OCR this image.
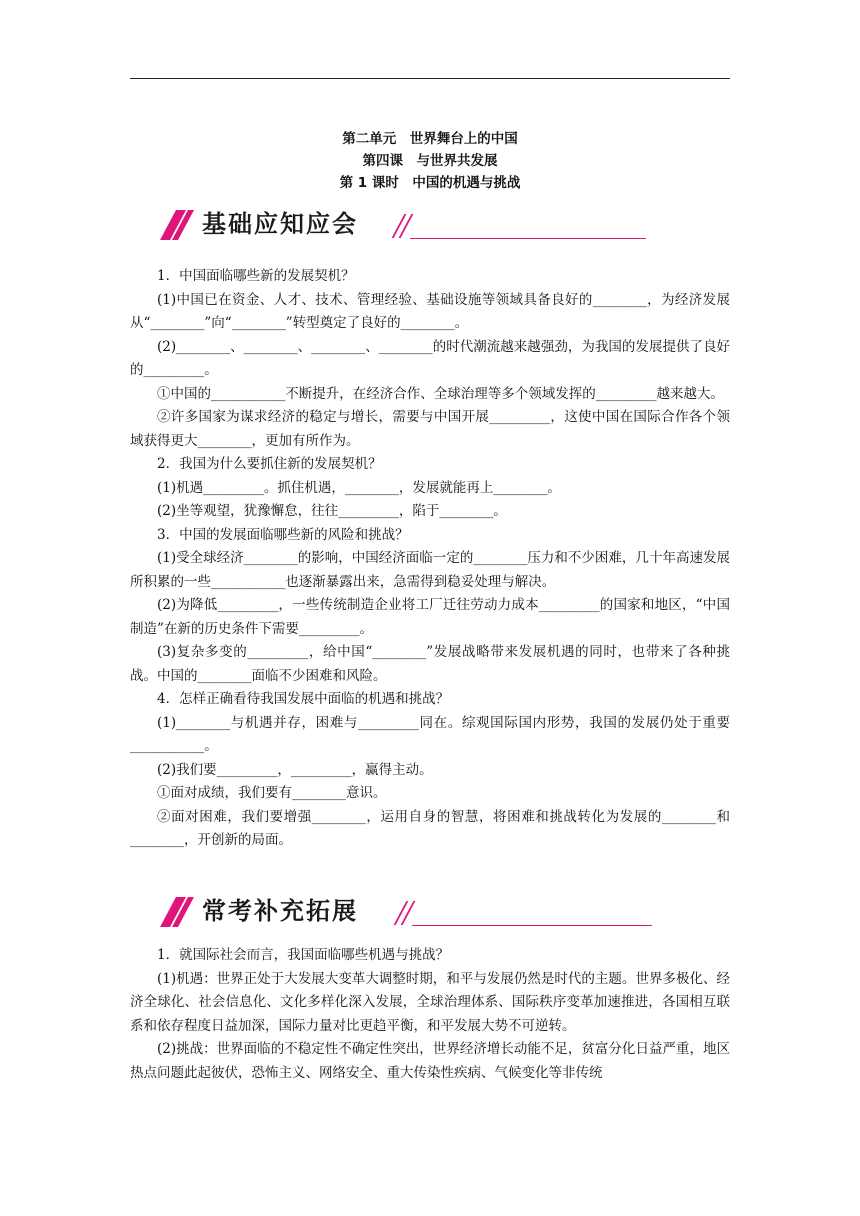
第二单元　世界舞台上的中国
第四课　与世界共发展
第 1 课时　中国的机遇与挑战
基础应知应会

1．中国面临哪些新的发展契机？

(1)中国已在资金、人才、技术、管理经验、基础设施等领域具备良好的________，为经济发展从“________”向“________”转型奠定了良好的________。

(2)________、________、________、________的时代潮流越来越强劲，为我国的发展提供了良好的_________。

①中国的___________不断提升，在经济合作、全球治理等多个领域发挥的_________越来越大。

②许多国家为谋求经济的稳定与增长，需要与中国开展_________，这使中国在国际合作各个领域获得更大________，更加有所作为。

2．我国为什么要抓住新的发展契机？

(1)机遇_________。抓住机遇，________，发展就能再上________。

(2)坐等观望，犹豫懈怠，往往_________，陷于________。

3．中国的发展面临哪些新的风险和挑战？

(1)受全球经济________的影响，中国经济面临一定的________压力和不少困难，几十年高速发展所积累的一些___________也逐渐暴露出来，急需得到稳妥处理与解决。

(2)为降低_________，一些传统制造企业将工厂迁往劳动力成本_________的国家和地区，“中国制造”在新的历史条件下需要_________。

(3)复杂多变的_________，给中国“________”发展战略带来发展机遇的同时，也带来了各种挑战。中国的________面临不少困难和风险。

4．怎样正确看待我国发展中面临的机遇和挑战？

(1)________与机遇并存，困难与_________同在。综观国际国内形势，我国的发展仍处于重要___________。

(2)我们要_________，_________，赢得主动。

①面对成绩，我们要有________意识。

②面对困难，我们要增强________，运用自身的智慧，将困难和挑战转化为发展的________和________，开创新的局面。

常考补充拓展

1．就国际社会而言，我国面临哪些机遇与挑战？

(1)机遇：世界正处于大发展大变革大调整时期，和平与发展仍然是时代的主题。世界多极化、经济全球化、社会信息化、文化多样化深入发展，全球治理体系、国际秩序变革加速推进，各国相互联系和依存程度日益加深，国际力量对比更趋平衡，和平发展大势不可逆转。

(2)挑战：世界面临的不稳定性不确定性突出，世界经济增长动能不足，贫富分化日益严重，地区热点问题此起彼伏，恐怖主义、网络安全、重大传染性疾病、气候变化等非传统
